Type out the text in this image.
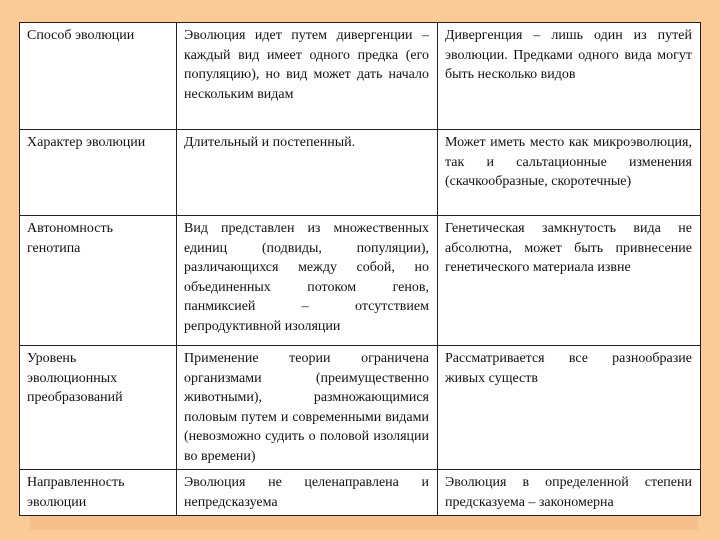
Способ эволюции	Эволюция идет путем дивергенции – каждый вид имеет одного предка (его популяцию), но вид может дать начало нескольким видам	Дивергенция – лишь один из путей эволюции. Предками одного вида могут быть несколько видов
Характер эволюции	Длительный и постепенный.	Может иметь место как микроэволюция, так и сальтационные изменения (скачкообразные, скоротечные)
Автономность генотипа	Вид представлен из множественных единиц (подвиды, популяции), различающихся между собой, но объединенных потоком генов, панмиксией – отсутствием репродуктивной изоляции	Генетическая замкнутость вида не абсолютна, может быть привнесение генетического материала извне
Уровень эволюционных преобразований	Применение теории ограничена организмами (преимущественно животными), размножающимися половым путем и современными видами (невозможно судить о половой изоляции во времени)	Рассматривается все разнообразие живых существ
Направленность эволюции	Эволюция не целенаправлена и непредсказуема	Эволюция в определенной степени предсказуема – закономерна
